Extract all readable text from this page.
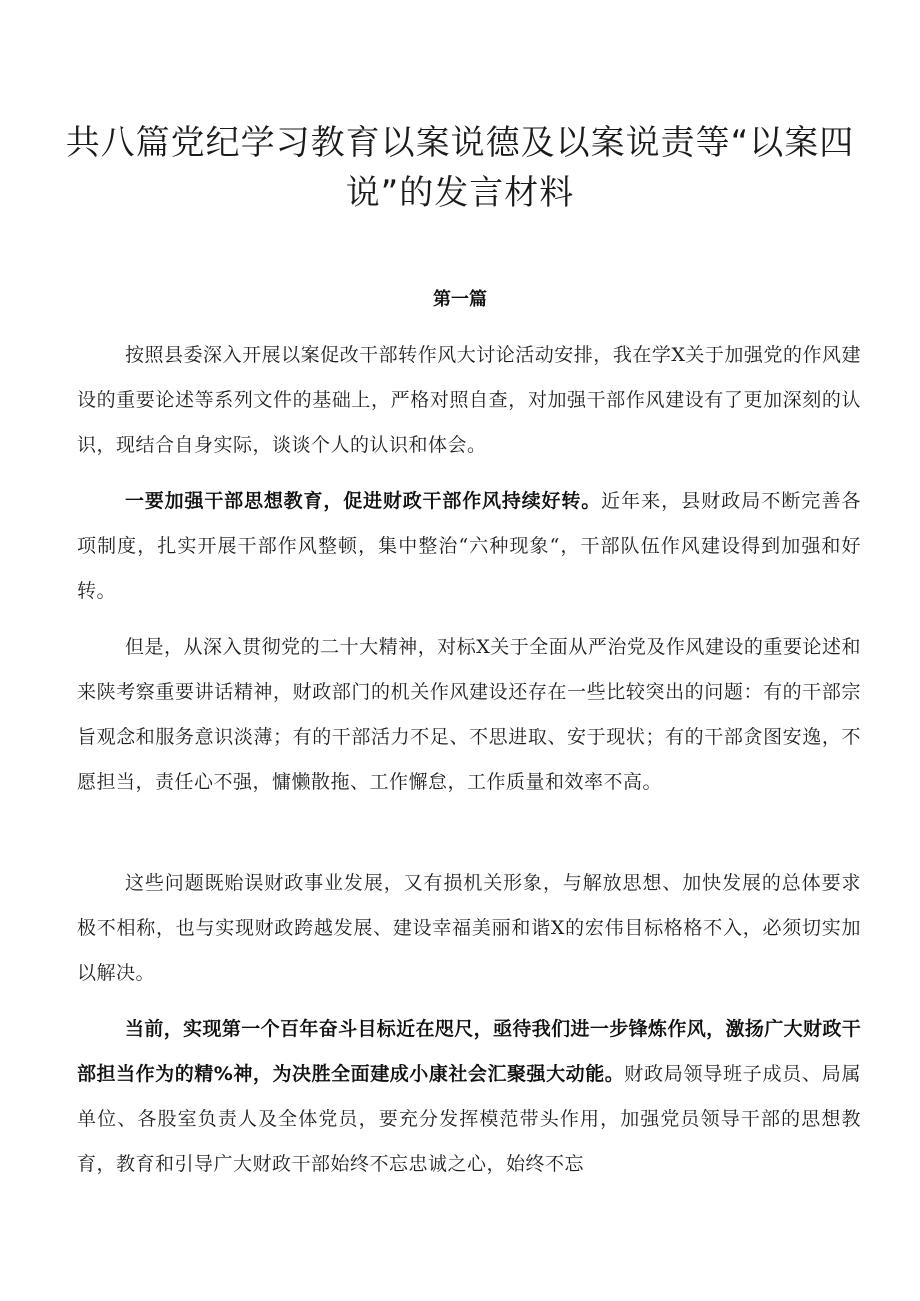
共八篇党纪学习教育以案说德及以案说责等“以案四说”的发言材料
第一篇

按照县委深入开展以案促改干部转作风大讨论活动安排，我在学X关于加强党的作风建设的重要论述等系列文件的基础上，严格对照自查，对加强干部作风建设有了更加深刻的认识，现结合自身实际，谈谈个人的认识和体会。

一要加强干部思想教育，促进财政干部作风持续好转。近年来，县财政局不断完善各项制度，扎实开展干部作风整顿，集中整治“六种现象“，干部队伍作风建设得到加强和好转。

但是，从深入贯彻党的二十大精神，对标X关于全面从严治党及作风建设的重要论述和来陕考察重要讲话精神，财政部门的机关作风建设还存在一些比较突出的问题：有的干部宗旨观念和服务意识淡薄；有的干部活力不足、不思进取、安于现状；有的干部贪图安逸，不愿担当，责任心不强，慵懒散拖、工作懈怠，工作质量和效率不高。

这些问题既贻误财政事业发展，又有损机关形象，与解放思想、加快发展的总体要求极不相称，也与实现财政跨越发展、建设幸福美丽和谐X的宏伟目标格格不入，必须切实加以解决。

当前，实现第一个百年奋斗目标近在咫尺，亟待我们进一步锋炼作风，激扬广大财政干部担当作为的精%神，为决胜全面建成小康社会汇聚强大动能。财政局领导班子成员、局属单位、各股室负责人及全体党员，要充分发挥模范带头作用，加强党员领导干部的思想教育，教育和引导广大财政干部始终不忘忠诚之心，始终不忘
